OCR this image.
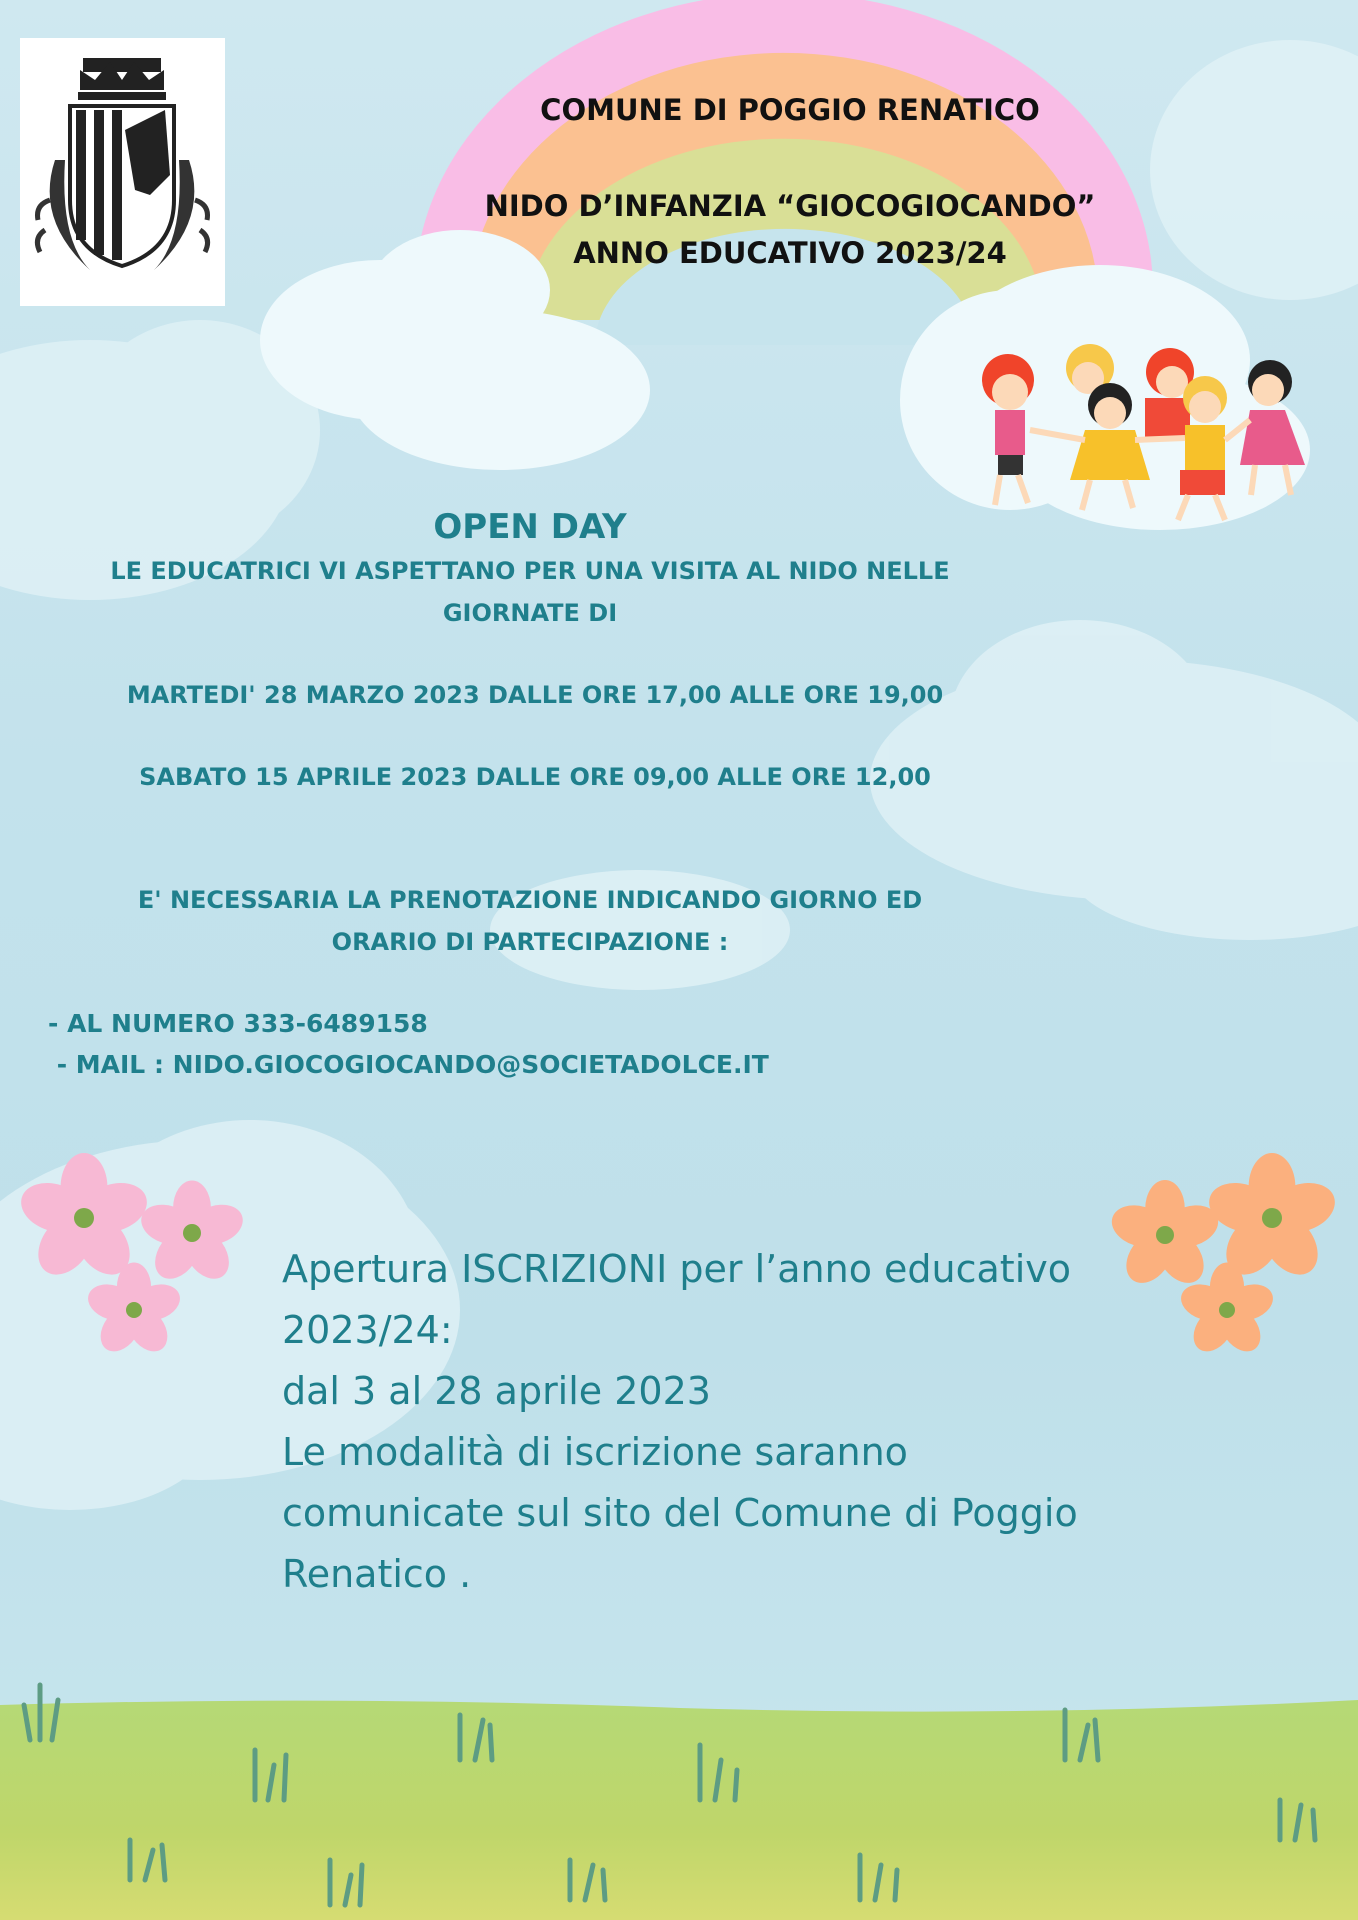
COMUNE DI POGGIO RENATICO
NIDO D’INFANZIA “GIOCOGIOCANDO”
ANNO EDUCATIVO 2023/24
OPEN DAY
LE EDUCATRICI VI ASPETTANO PER UNA VISITA AL NIDO NELLE
GIORNATE DI
MARTEDI' 28 MARZO 2023 DALLE ORE 17,00 ALLE ORE 19,00
SABATO 15 APRILE 2023 DALLE ORE 09,00 ALLE ORE 12,00
E' NECESSARIA LA PRENOTAZIONE INDICANDO GIORNO ED
ORARIO DI PARTECIPAZIONE :
- AL NUMERO 333-6489158
- MAIL : NIDO.GIOCOGIOCANDO@SOCIETADOLCE.IT
Apertura ISCRIZIONI per l’anno educativo
2023/24:
dal 3 al 28 aprile 2023
Le modalità di iscrizione saranno
comunicate sul sito del Comune di Poggio
Renatico .
